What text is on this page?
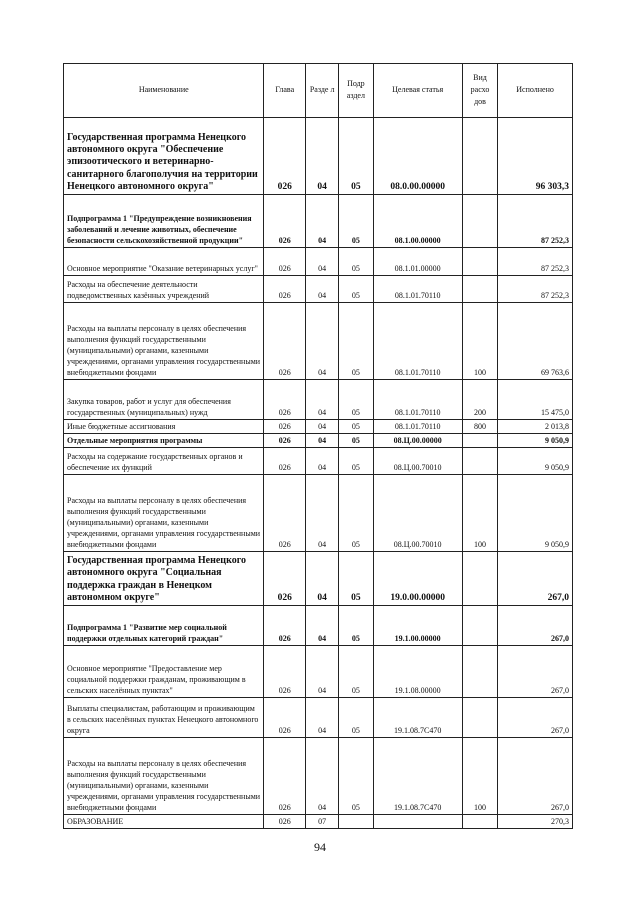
Наименование	Глава	Разде л	Подр аздел	Целевая статья	Вид расхо дов	Исполнено
Государственная программа Ненецкого автономного округа "Обеспечение эпизоотического и ветеринарно-санитарного благополучия на территории Ненецкого автономного округа"	026	04	05	08.0.00.00000		96 303,3
Подпрограмма 1 "Предупреждение возникновения заболеваний и лечение животных, обеспечение безопасности сельскохозяйственной продукции"	026	04	05	08.1.00.00000		87 252,3
Основное мероприятие "Оказание ветеринарных услуг"	026	04	05	08.1.01.00000		87 252,3
Расходы на обеспечение деятельности подведомственных казённых учреждений	026	04	05	08.1.01.70110		87 252,3
Расходы на выплаты персоналу в целях обеспечения выполнения функций государственными (муниципальными) органами, казенными учреждениями, органами управления государственными внебюджетными фондами	026	04	05	08.1.01.70110	100	69 763,6
Закупка товаров, работ и услуг для обеспечения государственных (муниципальных) нужд	026	04	05	08.1.01.70110	200	15 475,0
Иные бюджетные ассигнования	026	04	05	08.1.01.70110	800	2 013,8
Отдельные мероприятия программы	026	04	05	08.Ц.00.00000		9 050,9
Расходы на содержание государственных органов и обеспечение их функций	026	04	05	08.Ц.00.70010		9 050,9
Расходы на выплаты персоналу в целях обеспечения выполнения функций государственными (муниципальными) органами, казенными учреждениями, органами управления государственными внебюджетными фондами	026	04	05	08.Ц.00.70010	100	9 050,9
Государственная программа Ненецкого автономного округа "Социальная поддержка граждан в Ненецком автономном округе"	026	04	05	19.0.00.00000		267,0
Подпрограмма 1 "Развитие мер социальной поддержки отдельных категорий граждан"	026	04	05	19.1.00.00000		267,0
Основное мероприятие "Предоставление мер социальной поддержки гражданам, проживающим в сельских населённых пунктах"	026	04	05	19.1.08.00000		267,0
Выплаты специалистам, работающим и проживающим в сельских населённых пунктах Ненецкого автономного округа	026	04	05	19.1.08.7С470		267,0
Расходы на выплаты персоналу в целях обеспечения выполнения функций государственными (муниципальными) органами, казенными учреждениями, органами управления государственными внебюджетными фондами	026	04	05	19.1.08.7С470	100	267,0
ОБРАЗОВАНИЕ	026	07				270,3
94
